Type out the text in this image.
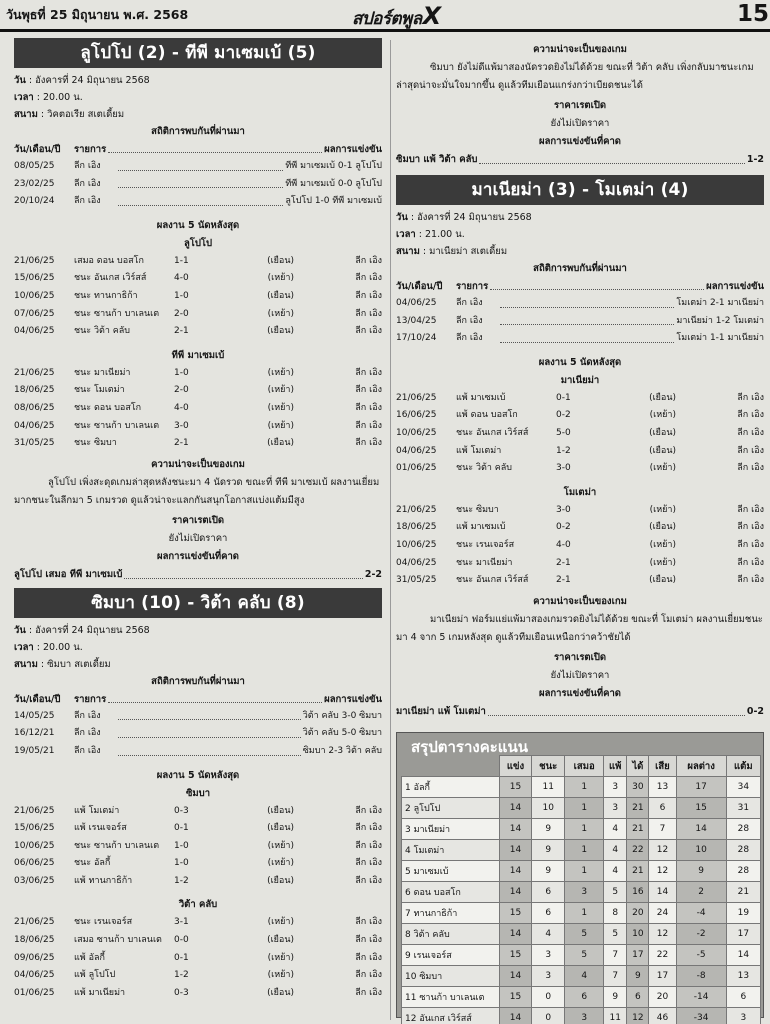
วันพุธที่ 25 มิถุนายน พ.ศ. 2568	สปอร์ตพูลX	15
ลูโปโป (2) - ทีพี มาเซมเบ้ (5)
วัน : อังคารที่ 24 มิถุนายน 2568
เวลา : 20.00 น.
สนาม : วิคตอเรีย สเตเดี้ยม
สถิติการพบกันที่ผ่านมา
วัน/เดือน/ปี	รายการ	ผลการแข่งขัน
08/05/25	ลีก เอิง	ทีพี มาเซมเบ้ 0-1 ลูโปโป
23/02/25	ลีก เอิง	ทีพี มาเซมเบ้ 0-0 ลูโปโป
20/10/24	ลีก เอิง	ลูโปโป 1-0 ทีพี มาเซมเบ้
ผลงาน 5 นัดหลังสุด
ลูโปโป
21/06/25	เสมอ ดอน บอสโก	1-1	(เยือน)	ลีก เอิง
15/06/25	ชนะ อันเกส เวิร์สส์	4-0	(เหย้า)	ลีก เอิง
10/06/25	ชนะ ทานกาธิก้า	1-0	(เยือน)	ลีก เอิง
07/06/25	ชนะ ซานก้า บาเลนเต	2-0	(เหย้า)	ลีก เอิง
04/06/25	ชนะ วิต้า คลับ	2-1	(เยือน)	ลีก เอิง
ทีพี มาเซมเบ้
21/06/25	ชนะ มาเนียม่า	1-0	(เหย้า)	ลีก เอิง
18/06/25	ชนะ โมเตม่า	2-0	(เหย้า)	ลีก เอิง
08/06/25	ชนะ ดอน บอสโก	4-0	(เหย้า)	ลีก เอิง
04/06/25	ชนะ ซานก้า บาเลนเต	3-0	(เหย้า)	ลีก เอิง
31/05/25	ชนะ ซิมบา	2-1	(เยือน)	ลีก เอิง
ความน่าจะเป็นของเกม
ลูโปโป เพิ่งสะดุดเกมล่าสุดหลังชนะมา 4 นัดรวด ขณะที่ ทีพี มาเซมเบ้ ผลงานเยี่ยมมากชนะในลีกมา 5 เกมรวด ดูแล้วน่าจะแลกกันสนุกโอกาสแบ่งแต้มมีสูง
ราคาเรตเปิด
ยังไม่เปิดราคา
ผลการแข่งขันที่คาด
ลูโปโป เสมอ ทีพี มาเซมเบ้	2-2
ซิมบา (10) - วิต้า คลับ (8)
วัน : อังคารที่ 24 มิถุนายน 2568
เวลา : 20.00 น.
สนาม : ซิมบา สเตเดี้ยม
สถิติการพบกันที่ผ่านมา
วัน/เดือน/ปี	รายการ	ผลการแข่งขัน
14/05/25	ลีก เอิง	วิต้า คลับ 3-0 ซิมบา
16/12/21	ลีก เอิง	วิต้า คลับ 5-0 ซิมบา
19/05/21	ลีก เอิง	ซิมบา 2-3 วิต้า คลับ
ผลงาน 5 นัดหลังสุด
ซิมบา
21/06/25	แพ้ โมเตม่า	0-3	(เยือน)	ลีก เอิง
15/06/25	แพ้ เรนเจอร์ส	0-1	(เยือน)	ลีก เอิง
10/06/25	ชนะ ซานก้า บาเลนเต	1-0	(เหย้า)	ลีก เอิง
06/06/25	ชนะ อัลกี้	1-0	(เหย้า)	ลีก เอิง
03/06/25	แพ้ ทานกาธิก้า	1-2	(เยือน)	ลีก เอิง
วิต้า คลับ
21/06/25	ชนะ เรนเจอร์ส	3-1	(เหย้า)	ลีก เอิง
18/06/25	เสมอ ซานก้า บาเลนเต	0-0	(เยือน)	ลีก เอิง
09/06/25	แพ้ อัลกี้	0-1	(เหย้า)	ลีก เอิง
04/06/25	แพ้ ลูโปโป	1-2	(เหย้า)	ลีก เอิง
01/06/25	แพ้ มาเนียม่า	0-3	(เยือน)	ลีก เอิง
ความน่าจะเป็นของเกม
ซิมบา ยังไม่ดีแพ้มาสองนัดรวดยิงไม่ได้ด้วย ขณะที่ วิต้า คลับ เพิ่งกลับมาชนะเกมล่าสุดน่าจะมั่นใจมากขึ้น ดูแล้วทีมเยือนแกร่งกว่าเบียดชนะได้
ราคาเรตเปิด
ยังไม่เปิดราคา
ผลการแข่งขันที่คาด
ซิมบา แพ้ วิต้า คลับ	1-2
มาเนียม่า (3) - โมเตม่า (4)
วัน : อังคารที่ 24 มิถุนายน 2568
เวลา : 21.00 น.
สนาม : มาเนียม่า สเตเดี้ยม
สถิติการพบกันที่ผ่านมา
วัน/เดือน/ปี	รายการ	ผลการแข่งขัน
04/06/25	ลีก เอิง	โมเตม่า 2-1 มาเนียม่า
13/04/25	ลีก เอิง	มาเนียม่า 1-2 โมเตม่า
17/10/24	ลีก เอิง	โมเตม่า 1-1 มาเนียม่า
ผลงาน 5 นัดหลังสุด
มาเนียม่า
21/06/25	แพ้ มาเซมเบ้	0-1	(เยือน)	ลีก เอิง
16/06/25	แพ้ ดอน บอสโก	0-2	(เหย้า)	ลีก เอิง
10/06/25	ชนะ อันเกส เวิร์สส์	5-0	(เยือน)	ลีก เอิง
04/06/25	แพ้ โมเตม่า	1-2	(เยือน)	ลีก เอิง
01/06/25	ชนะ วิต้า คลับ	3-0	(เหย้า)	ลีก เอิง
โมเตม่า
21/06/25	ชนะ ซิมบา	3-0	(เหย้า)	ลีก เอิง
18/06/25	แพ้ มาเซมเบ้	0-2	(เยือน)	ลีก เอิง
10/06/25	ชนะ เรนเจอร์ส	4-0	(เหย้า)	ลีก เอิง
04/06/25	ชนะ มาเนียม่า	2-1	(เหย้า)	ลีก เอิง
31/05/25	ชนะ อันเกส เวิร์สส์	2-1	(เยือน)	ลีก เอิง
ความน่าจะเป็นของเกม
มาเนียม่า ฟอร์มแย่แพ้มาสองเกมรวดยิงไม่ได้ด้วย ขณะที่ โมเตม่า ผลงานเยี่ยมชนะมา 4 จาก 5 เกมหลังสุด ดูแล้วทีมเยือนเหนือกว่าคว้าชัยได้
ราคาเรตเปิด
ยังไม่เปิดราคา
ผลการแข่งขันที่คาด
มาเนียม่า แพ้ โมเตม่า	0-2
สรุปตารางคะแนน
	แข่ง	ชนะ	เสมอ	แพ้	ได้	เสีย	ผลต่าง	แต้ม
1 อัลกี้	15	11	1	3	30	13	17	34
2 ลูโปโป	14	10	1	3	21	6	15	31
3 มาเนียม่า	14	9	1	4	21	7	14	28
4 โมเตม่า	14	9	1	4	22	12	10	28
5 มาเซมเบ้	14	9	1	4	21	12	9	28
6 ดอน บอสโก	14	6	3	5	16	14	2	21
7 ทานกาธิก้า	15	6	1	8	20	24	-4	19
8 วิต้า คลับ	14	4	5	5	10	12	-2	17
9 เรนเจอร์ส	15	3	5	7	17	22	-5	14
10 ซิมบา	14	3	4	7	9	17	-8	13
11 ซานก้า บาเลนเต	15	0	6	9	6	20	-14	6
12 อันเกส เวิร์สส์	14	0	3	11	12	46	-34	3
